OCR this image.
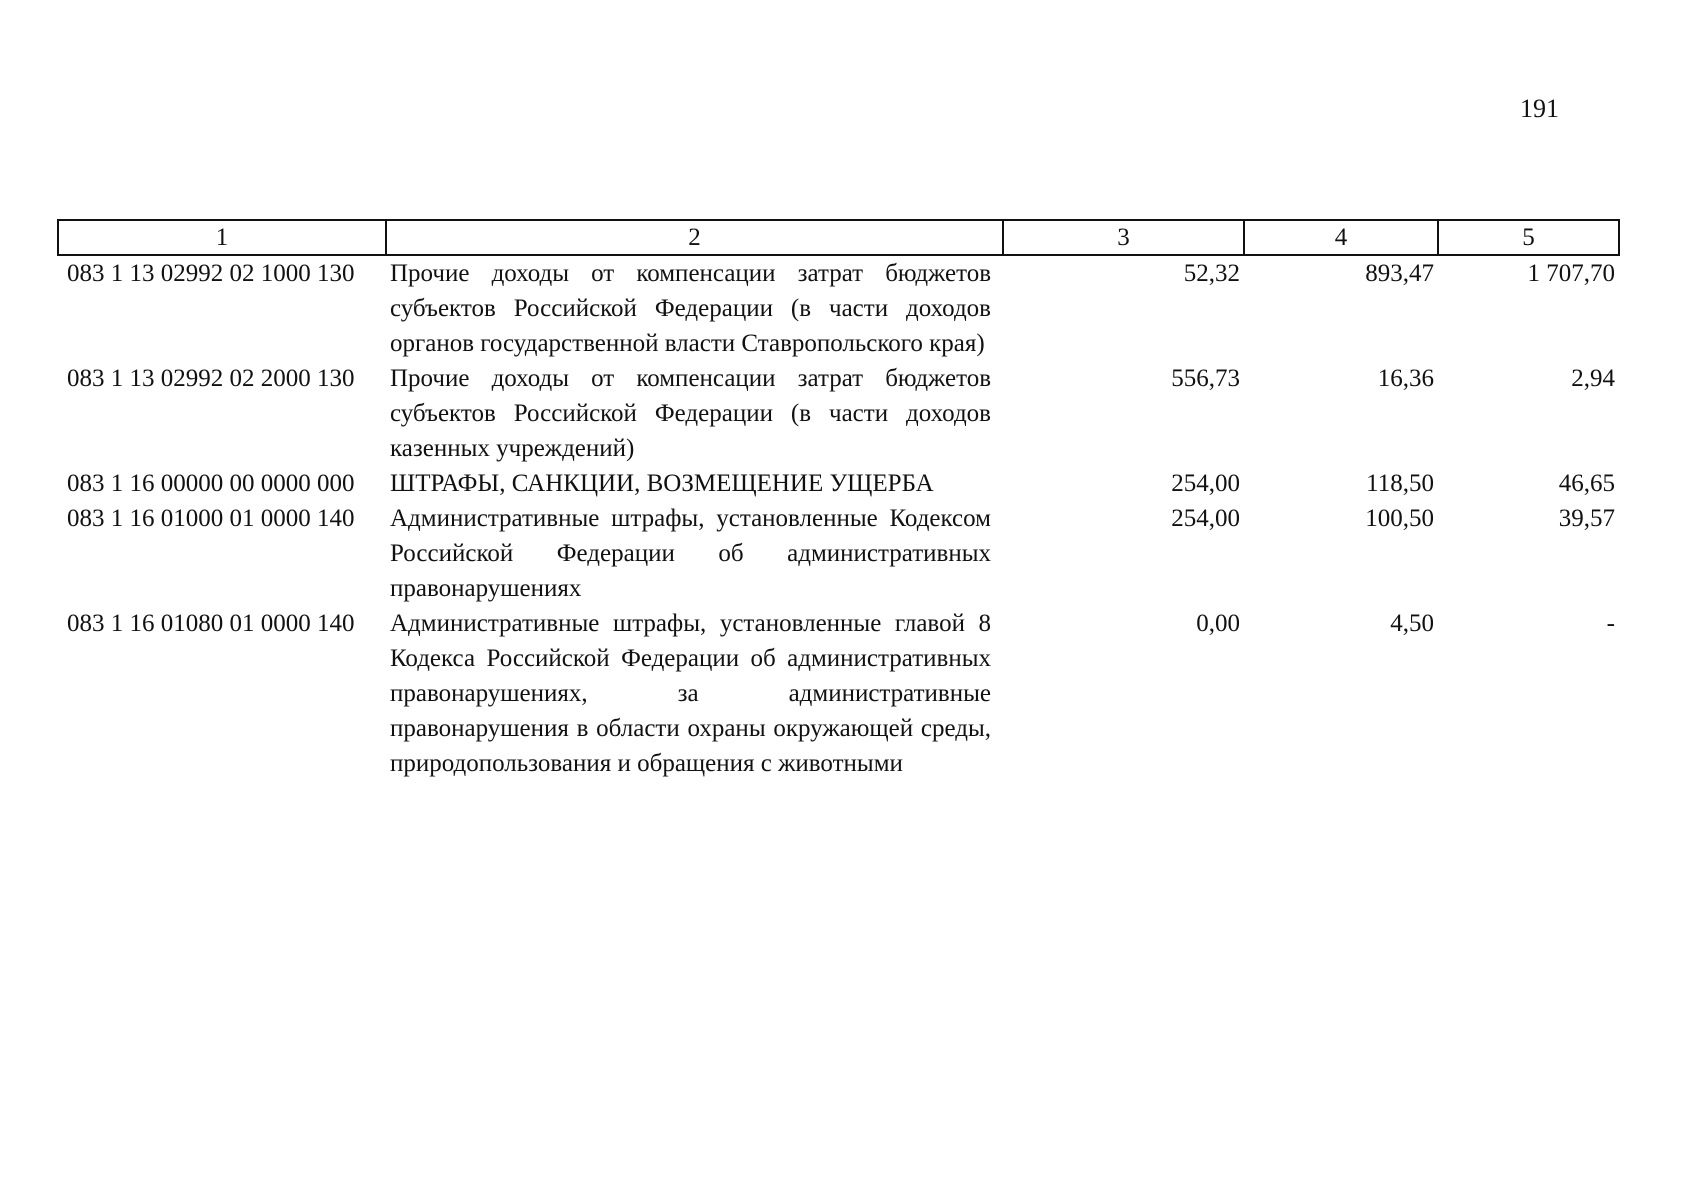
191
1	2	3	4	5
083 1 13 02992 02 1000 130	Прочие доходы от компенсации затрат бюджетов субъектов Российской Федерации (в части доходов органов государственной власти Ставропольского края)	52,32	893,47	1 707,70
083 1 13 02992 02 2000 130	Прочие доходы от компенсации затрат бюджетов субъектов Российской Федерации (в части доходов казенных учреждений)	556,73	16,36	2,94
083 1 16 00000 00 0000 000	ШТРАФЫ, САНКЦИИ, ВОЗМЕЩЕНИЕ УЩЕРБА	254,00	118,50	46,65
083 1 16 01000 01 0000 140	Административные штрафы, установленные Кодексом Российской Федерации об административных правонарушениях	254,00	100,50	39,57
083 1 16 01080 01 0000 140	Административные штрафы, установленные главой 8 Кодекса Российской Федерации об административных правонарушениях, за административные правонарушения в области охраны окружающей среды, природопользования и обращения с животными	0,00	4,50	-
